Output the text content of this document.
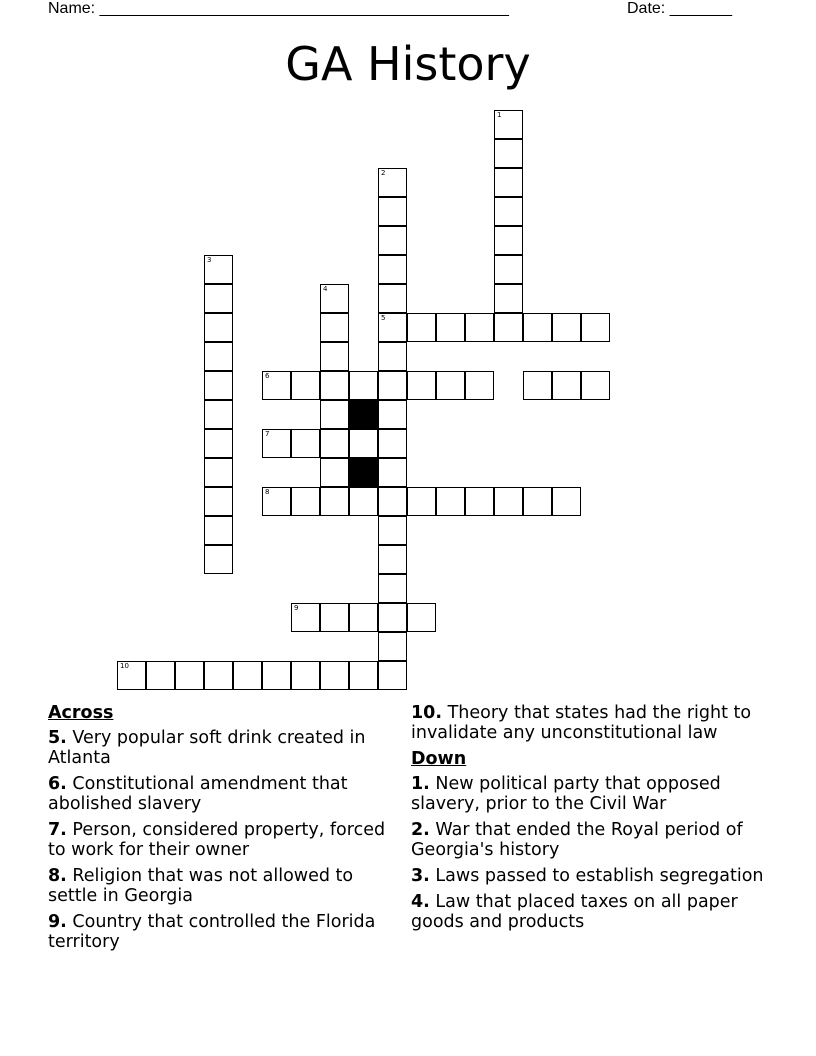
Name: ______________________________________________	Date: _______
GA History
1
2
5
3
4
6
7
8
9
10
Across
5. Very popular soft drink created in Atlanta
6. Constitutional amendment that abolished slavery
7. Person, considered property, forced to work for their owner
8. Religion that was not allowed to settle in Georgia
9. Country that controlled the Florida territory
10. Theory that states had the right to invalidate any unconstitutional law
Down
1. New political party that opposed slavery, prior to the Civil War
2. War that ended the Royal period of Georgia's history
3. Laws passed to establish segregation
4. Law that placed taxes on all paper goods and products
